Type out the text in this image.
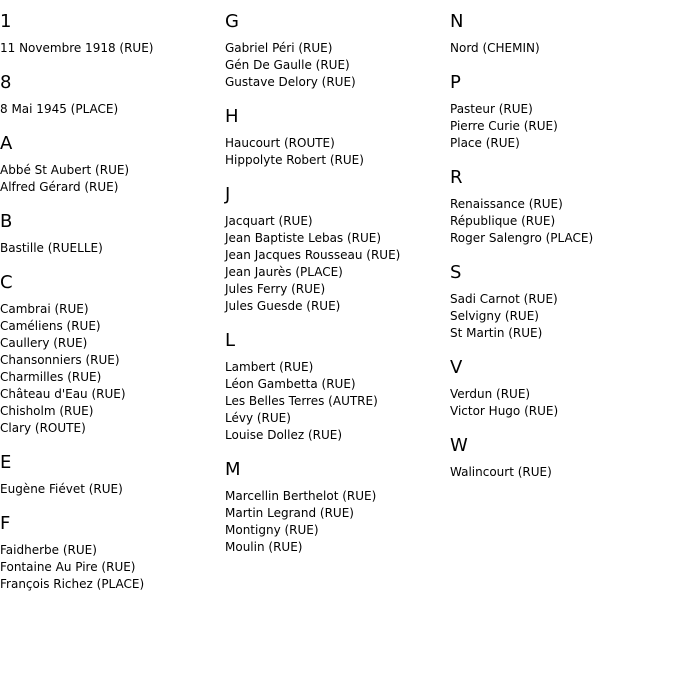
1
11 Novembre 1918 (RUE)
8
8 Mai 1945 (PLACE)
A
Abbé St Aubert (RUE)
Alfred Gérard (RUE)
B
Bastille (RUELLE)
C
Cambrai (RUE)
Caméliens (RUE)
Caullery (RUE)
Chansonniers (RUE)
Charmilles (RUE)
Château d'Eau (RUE)
Chisholm (RUE)
Clary (ROUTE)
E
Eugène Fiévet (RUE)
F
Faidherbe (RUE)
Fontaine Au Pire (RUE)
François Richez (PLACE)
G
Gabriel Péri (RUE)
Gén De Gaulle (RUE)
Gustave Delory (RUE)
H
Haucourt (ROUTE)
Hippolyte Robert (RUE)
J
Jacquart (RUE)
Jean Baptiste Lebas (RUE)
Jean Jacques Rousseau (RUE)
Jean Jaurès (PLACE)
Jules Ferry (RUE)
Jules Guesde (RUE)
L
Lambert (RUE)
Léon Gambetta (RUE)
Les Belles Terres (AUTRE)
Lévy (RUE)
Louise Dollez (RUE)
M
Marcellin Berthelot (RUE)
Martin Legrand (RUE)
Montigny (RUE)
Moulin (RUE)
N
Nord (CHEMIN)
P
Pasteur (RUE)
Pierre Curie (RUE)
Place (RUE)
R
Renaissance (RUE)
République (RUE)
Roger Salengro (PLACE)
S
Sadi Carnot (RUE)
Selvigny (RUE)
St Martin (RUE)
V
Verdun (RUE)
Victor Hugo (RUE)
W
Walincourt (RUE)
